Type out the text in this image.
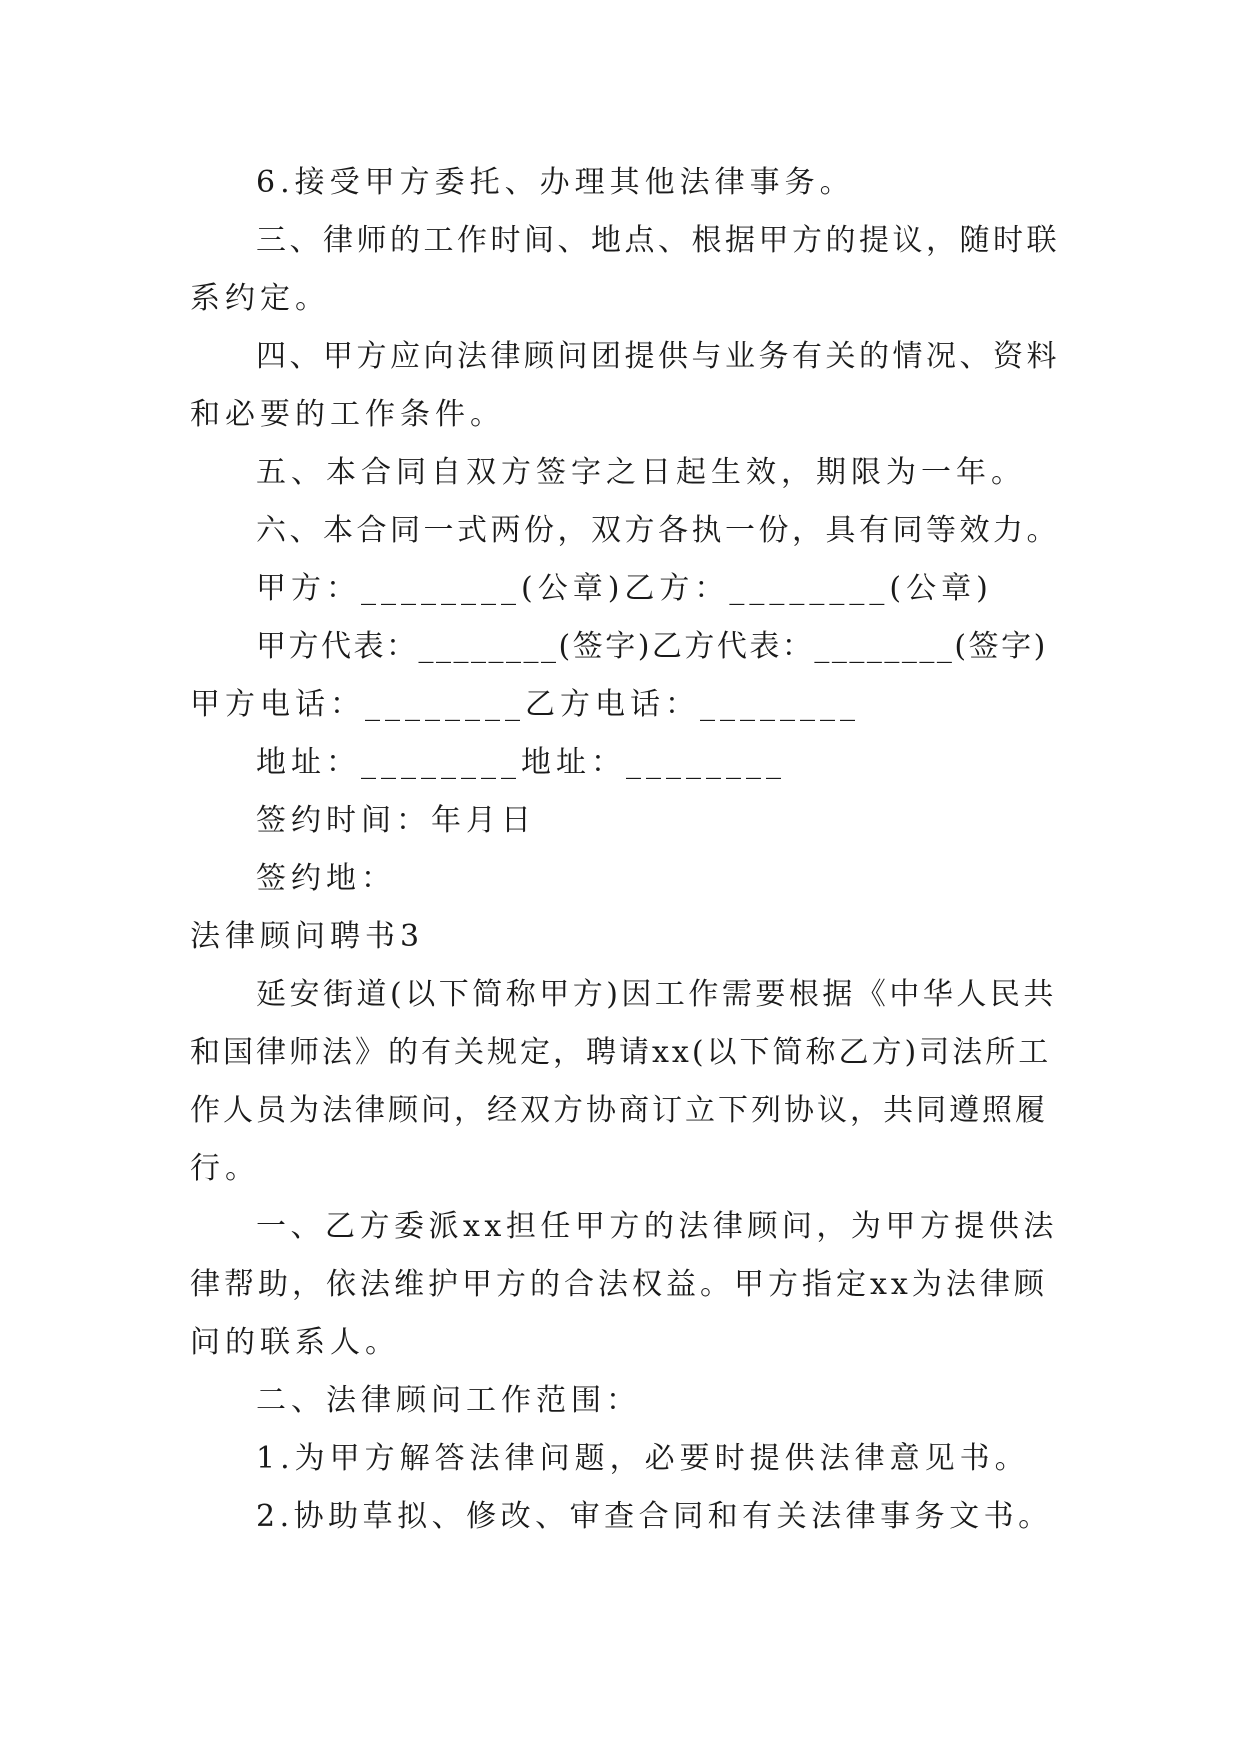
6.接受甲方委托、办理其他法律事务。
三、律师的工作时间、地点、根据甲方的提议，随时联
系约定。
四、甲方应向法律顾问团提供与业务有关的情况、资料
和必要的工作条件。
五、本合同自双方签字之日起生效，期限为一年。
六、本合同一式两份，双方各执一份，具有同等效力。
甲方：________(公章)乙方：________(公章)
甲方代表：________(签字)乙方代表：________(签字)
甲方电话：________乙方电话：________
地址：________地址：________
签约时间：年月日
签约地：
法律顾问聘书3
延安街道(以下简称甲方)因工作需要根据《中华人民共
和国律师法》的有关规定，聘请xx(以下简称乙方)司法所工
作人员为法律顾问，经双方协商订立下列协议，共同遵照履
行。
一、乙方委派xx担任甲方的法律顾问，为甲方提供法
律帮助，依法维护甲方的合法权益。甲方指定xx为法律顾
问的联系人。
二、法律顾问工作范围：
1.为甲方解答法律问题，必要时提供法律意见书。
2.协助草拟、修改、审查合同和有关法律事务文书。
